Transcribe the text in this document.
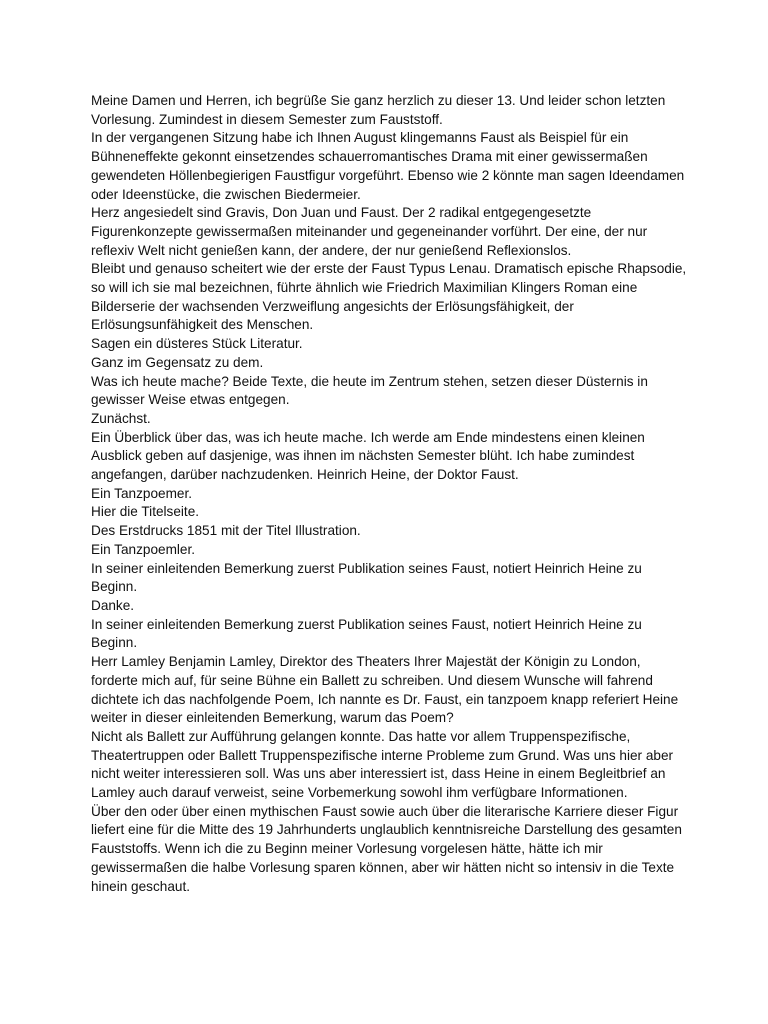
Meine Damen und Herren, ich begrüße Sie ganz herzlich zu dieser 13. Und leider schon letzten Vorlesung. Zumindest in diesem Semester zum Fauststoff.

In der vergangenen Sitzung habe ich Ihnen August klingemanns Faust als Beispiel für ein Bühneneffekte gekonnt einsetzendes schauerromantisches Drama mit einer gewissermaßen gewendeten Höllenbegierigen Faustfigur vorgeführt. Ebenso wie 2 könnte man sagen Ideendamen oder Ideenstücke, die zwischen Biedermeier.

Herz angesiedelt sind Gravis, Don Juan und Faust. Der 2 radikal entgegengesetzte Figurenkonzepte gewissermaßen miteinander und gegeneinander vorführt. Der eine, der nur reflexiv Welt nicht genießen kann, der andere, der nur genießend Reflexionslos.

Bleibt und genauso scheitert wie der erste der Faust Typus Lenau. Dramatisch epische Rhapsodie, so will ich sie mal bezeichnen, führte ähnlich wie Friedrich Maximilian Klingers Roman eine Bilderserie der wachsenden Verzweiflung angesichts der Erlösungsfähigkeit, der Erlösungsunfähigkeit des Menschen.

Sagen ein düsteres Stück Literatur.

Ganz im Gegensatz zu dem.

Was ich heute mache? Beide Texte, die heute im Zentrum stehen, setzen dieser Düsternis in gewisser Weise etwas entgegen.

Zunächst.

Ein Überblick über das, was ich heute mache. Ich werde am Ende mindestens einen kleinen Ausblick geben auf dasjenige, was ihnen im nächsten Semester blüht. Ich habe zumindest angefangen, darüber nachzudenken. Heinrich Heine, der Doktor Faust.

Ein Tanzpoemer.

Hier die Titelseite.

Des Erstdrucks 1851 mit der Titel Illustration.

Ein Tanzpoemler.

In seiner einleitenden Bemerkung zuerst Publikation seines Faust, notiert Heinrich Heine zu Beginn.

Danke.

In seiner einleitenden Bemerkung zuerst Publikation seines Faust, notiert Heinrich Heine zu Beginn.

Herr Lamley Benjamin Lamley, Direktor des Theaters Ihrer Majestät der Königin zu London, forderte mich auf, für seine Bühne ein Ballett zu schreiben. Und diesem Wunsche will fahrend dichtete ich das nachfolgende Poem, Ich nannte es Dr. Faust, ein tanzpoem knapp referiert Heine weiter in dieser einleitenden Bemerkung, warum das Poem?

Nicht als Ballett zur Aufführung gelangen konnte. Das hatte vor allem Truppenspezifische, Theatertruppen oder Ballett Truppenspezifische interne Probleme zum Grund. Was uns hier aber nicht weiter interessieren soll. Was uns aber interessiert ist, dass Heine in einem Begleitbrief an Lamley auch darauf verweist, seine Vorbemerkung sowohl ihm verfügbare Informationen.

Über den oder über einen mythischen Faust sowie auch über die literarische Karriere dieser Figur liefert eine für die Mitte des 19 Jahrhunderts unglaublich kenntnisreiche Darstellung des gesamten Fauststoffs. Wenn ich die zu Beginn meiner Vorlesung vorgelesen hätte, hätte ich mir gewissermaßen die halbe Vorlesung sparen können, aber wir hätten nicht so intensiv in die Texte hinein geschaut.
